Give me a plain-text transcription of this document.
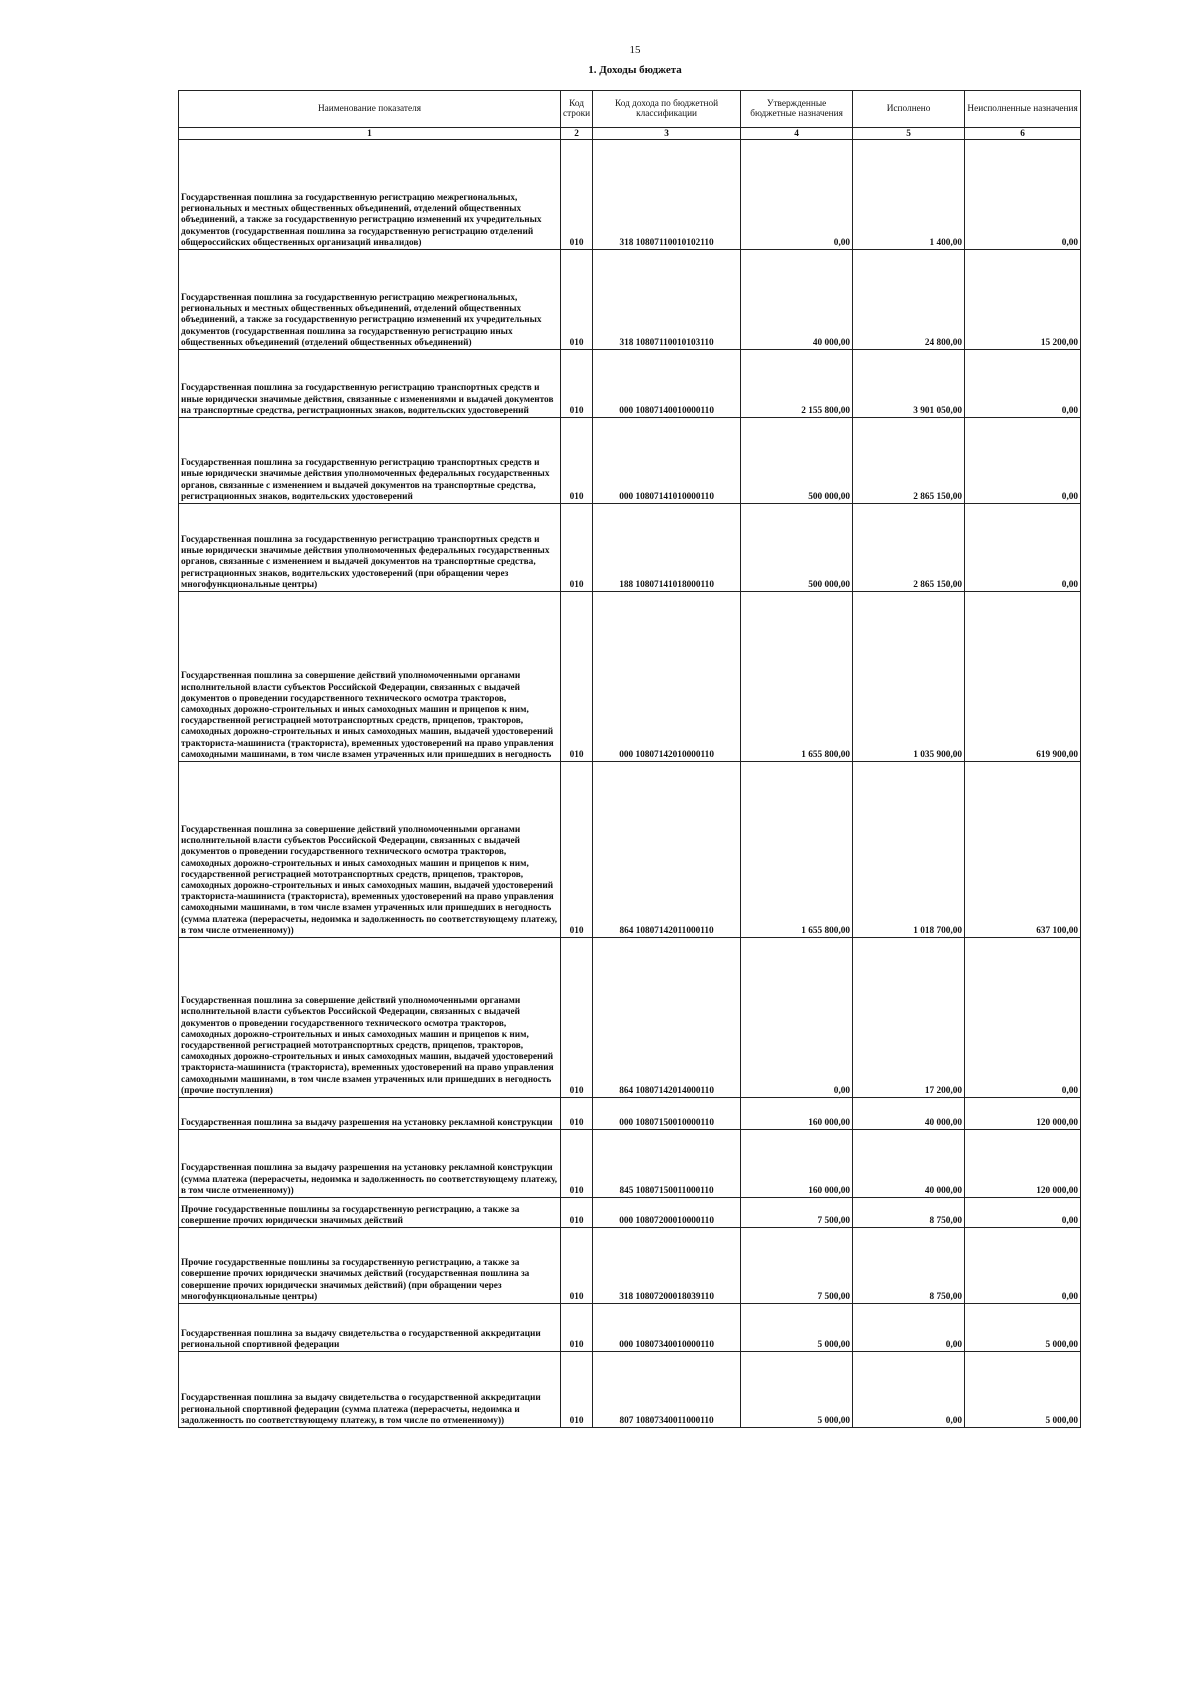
15
1. Доходы бюджета
Наименование показателя	Код строки	Код дохода по бюджетной классификации	Утвержденные бюджетные назначения	Исполнено	Неисполненные назначения
1	2	3	4	5	6
Государственная пошлина за государственную регистрацию межрегиональных, региональных и местных общественных объединений, отделений общественных объединений, а также за государственную регистрацию изменений их учредительных документов (государственная пошлина за государственную регистрацию отделений общероссийских общественных организаций инвалидов)	010	318 10807110010102110	0,00	1 400,00	0,00
Государственная пошлина за государственную регистрацию межрегиональных, региональных и местных общественных объединений, отделений общественных объединений, а также за государственную регистрацию изменений их учредительных документов (государственная пошлина за государственную регистрацию иных общественных объединений (отделений общественных объединений)	010	318 10807110010103110	40 000,00	24 800,00	15 200,00
Государственная пошлина за государственную регистрацию транспортных средств и иные юридически значимые действия, связанные с изменениями и выдачей документов на транспортные средства, регистрационных знаков, водительских удостоверений	010	000 10807140010000110	2 155 800,00	3 901 050,00	0,00
Государственная пошлина за государственную регистрацию транспортных средств и иные юридически значимые действия уполномоченных федеральных государственных органов, связанные с изменением и выдачей документов на транспортные средства, регистрационных знаков, водительских удостоверений	010	000 10807141010000110	500 000,00	2 865 150,00	0,00
Государственная пошлина за государственную регистрацию транспортных средств и иные юридически значимые действия уполномоченных федеральных государственных органов, связанные с изменением и выдачей документов на транспортные средства, регистрационных знаков, водительских удостоверений (при обращении через многофункциональные центры)	010	188 10807141018000110	500 000,00	2 865 150,00	0,00
Государственная пошлина за совершение действий уполномоченными органами исполнительной власти субъектов Российской Федерации, связанных с выдачей документов о проведении государственного технического осмотра тракторов, самоходных дорожно-строительных и иных самоходных машин и прицепов к ним, государственной регистрацией мототранспортных средств, прицепов, тракторов, самоходных дорожно-строительных и иных самоходных машин, выдачей удостоверений тракториста-машиниста (тракториста), временных удостоверений на право управления самоходными машинами, в том числе взамен утраченных или пришедших в негодность	010	000 10807142010000110	1 655 800,00	1 035 900,00	619 900,00
Государственная пошлина за совершение действий уполномоченными органами исполнительной власти субъектов Российской Федерации, связанных с выдачей документов о проведении государственного технического осмотра тракторов, самоходных дорожно-строительных и иных самоходных машин и прицепов к ним, государственной регистрацией мототранспортных средств, прицепов, тракторов, самоходных дорожно-строительных и иных самоходных машин, выдачей удостоверений тракториста-машиниста (тракториста), временных удостоверений на право управления самоходными машинами, в том числе взамен утраченных или пришедших в негодность (сумма платежа (перерасчеты, недоимка и задолженность по соответствующему платежу, в том числе отмененному))	010	864 10807142011000110	1 655 800,00	1 018 700,00	637 100,00
Государственная пошлина за совершение действий уполномоченными органами исполнительной власти субъектов Российской Федерации, связанных с выдачей документов о проведении государственного технического осмотра тракторов, самоходных дорожно-строительных и иных самоходных машин и прицепов к ним, государственной регистрацией мототранспортных средств, прицепов, тракторов, самоходных дорожно-строительных и иных самоходных машин, выдачей удостоверений тракториста-машиниста (тракториста), временных удостоверений на право управления самоходными машинами, в том числе взамен утраченных или пришедших в негодность (прочие поступления)	010	864 10807142014000110	0,00	17 200,00	0,00
Государственная пошлина за выдачу разрешения на установку рекламной конструкции	010	000 10807150010000110	160 000,00	40 000,00	120 000,00
Государственная пошлина за выдачу разрешения на установку рекламной конструкции (сумма платежа (перерасчеты, недоимка и задолженность по соответствующему платежу, в том числе отмененному))	010	845 10807150011000110	160 000,00	40 000,00	120 000,00
Прочие государственные пошлины за государственную регистрацию, а также за совершение прочих юридически значимых действий	010	000 10807200010000110	7 500,00	8 750,00	0,00
Прочие государственные пошлины за государственную регистрацию, а также за совершение прочих юридически значимых действий (государственная пошлина за совершение прочих юридически значимых действий) (при обращении через многофункциональные центры)	010	318 10807200018039110	7 500,00	8 750,00	0,00
Государственная пошлина за выдачу свидетельства о государственной аккредитации региональной спортивной федерации	010	000 10807340010000110	5 000,00	0,00	5 000,00
Государственная пошлина за выдачу свидетельства о государственной аккредитации региональной спортивной федерации (сумма платежа (перерасчеты, недоимка и задолженность по соответствующему платежу, в том числе по отмененному))	010	807 10807340011000110	5 000,00	0,00	5 000,00
